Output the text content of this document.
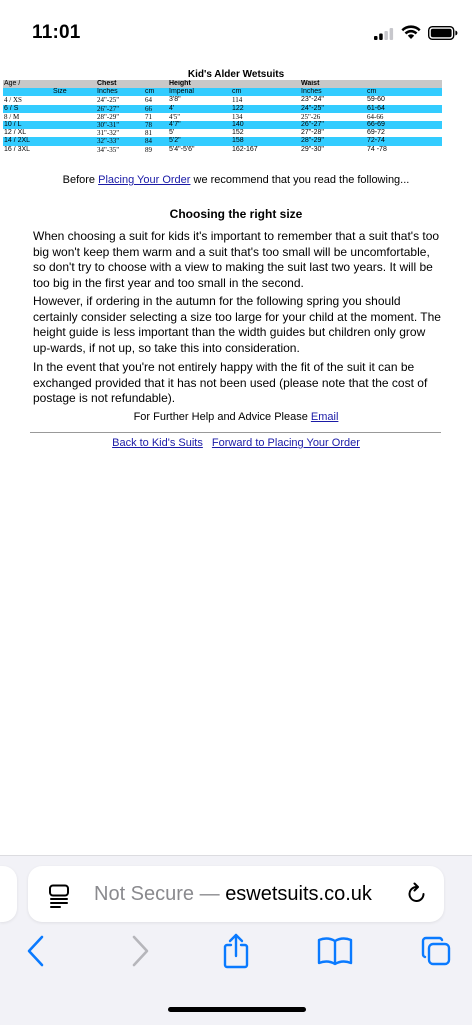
11:01
Kid's Alder Wetsuits
Age /	Chest		Height		Waist	
Size	Inches	cm	Imperial	cm	Inches	cm
4 / XS	24"-25"	64	3'8"	114	23"-24"	59-60
6 / S	26"-27"	66	4'	122	24"-25"	61-64
8 / M	28"-29"	71	4'5"	134	25"-26	64-66
10 / L	30"-31"	78	4'7"	140	26"-27"	66-69
12 / XL	31"-32"	81	5'	152	27"-28"	69-72
14 / 2XL	32"-33"	84	5'2"	158	28"-29"	72-74
16 / 3XL	34"-35"	89	5'4"-5'6"	162-167	29"-30"	74 -78
Before Placing Your Order we recommend that you read the following...
Choosing the right size
When choosing a suit for kids it's important to remember that a suit that's too big won't keep them warm and a suit that's too small will be uncomfortable, so don't try to choose with a view to making the suit last two years. It will be too big in the first year and too small in the second.
However, if ordering in the autumn for the following spring you should certainly consider selecting a size too large for your child at the moment. The height guide is less important than the width guides but children only grow up-wards, if not up, so take this into consideration.
In the event that you're not entirely happy with the fit of the suit it can be exchanged provided that it has not been used (please note that the cost of postage is not refundable).
For Further Help and Advice Please Email
Back to Kid's Suits Forward to Placing Your Order
Not Secure — eswetsuits.co.uk
